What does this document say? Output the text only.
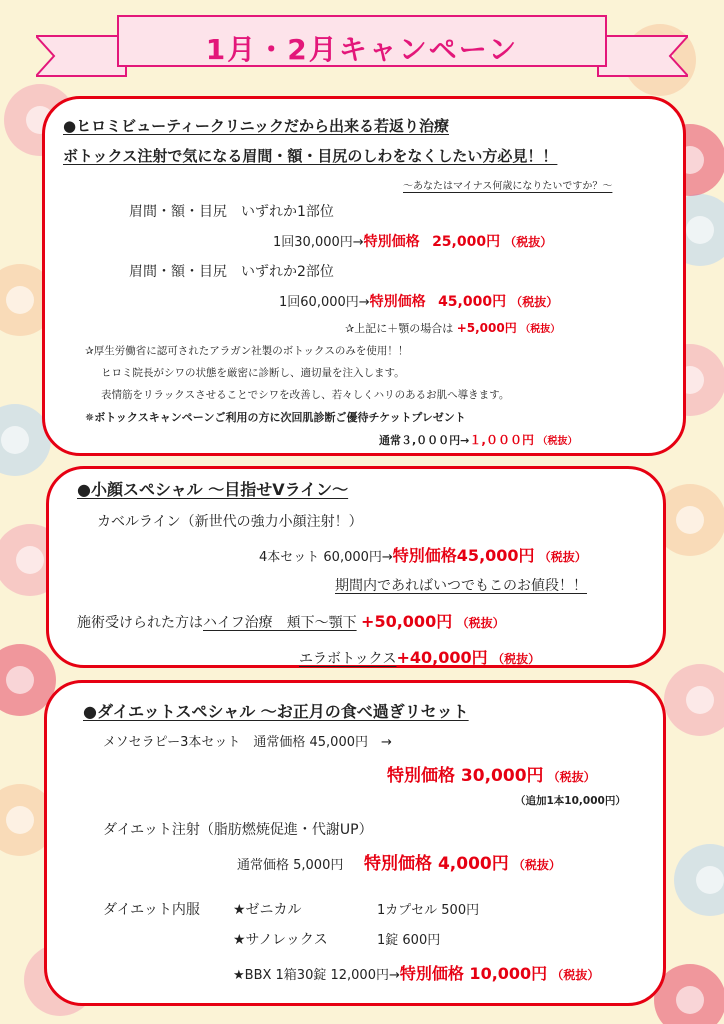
1月・2月キャンペーン
●ヒロミビューティークリニックだから出来る若返り治療
ボトックス注射で気になる眉間・額・目尻のしわをなくしたい方必見！！
～あなたはマイナス何歳になりたいですか？～
眉間・額・目尻　いずれか1部位
1回30,000円→特別価格 25,000円 （税抜）
眉間・額・目尻　いずれか2部位
1回60,000円→特別価格 45,000円 （税抜）
✰上記に＋顎の場合は +5,000円 （税抜）
✰厚生労働省に認可されたアラガン社製のボトックスのみを使用！！
ヒロミ院長がシワの状態を厳密に診断し、適切量を注入します。
表情筋をリラックスさせることでシワを改善し、若々しくハリのあるお肌へ導きます。
✵ボトックスキャンペーンご利用の方に次回肌診断ご優待チケットプレゼント
通常３,０００円→１,０００円 （税抜）
●小顔スペシャル ～目指せVライン～
カベルライン（新世代の強力小顔注射！）
4本セット 60,000円→特別価格45,000円 （税抜）
期間内であればいつでもこのお値段！！
施術受けられた方はハイフ治療　頬下～顎下 +50,000円 （税抜）
エラボトックス+40,000円 （税抜）
●ダイエットスペシャル ～お正月の食べ過ぎリセット
メソセラピー3本セット　通常価格 45,000円　→
特別価格 30,000円 （税抜）
（追加1本10,000円）
ダイエット注射（脂肪燃焼促進・代謝UP）
通常価格 5,000円 特別価格 4,000円 （税抜）
ダイエット内服 ★ゼニカル	1カプセル 500円
★サノレックス	1錠 600円
★BBX 1箱30錠 12,000円→特別価格 10,000円 （税抜）
